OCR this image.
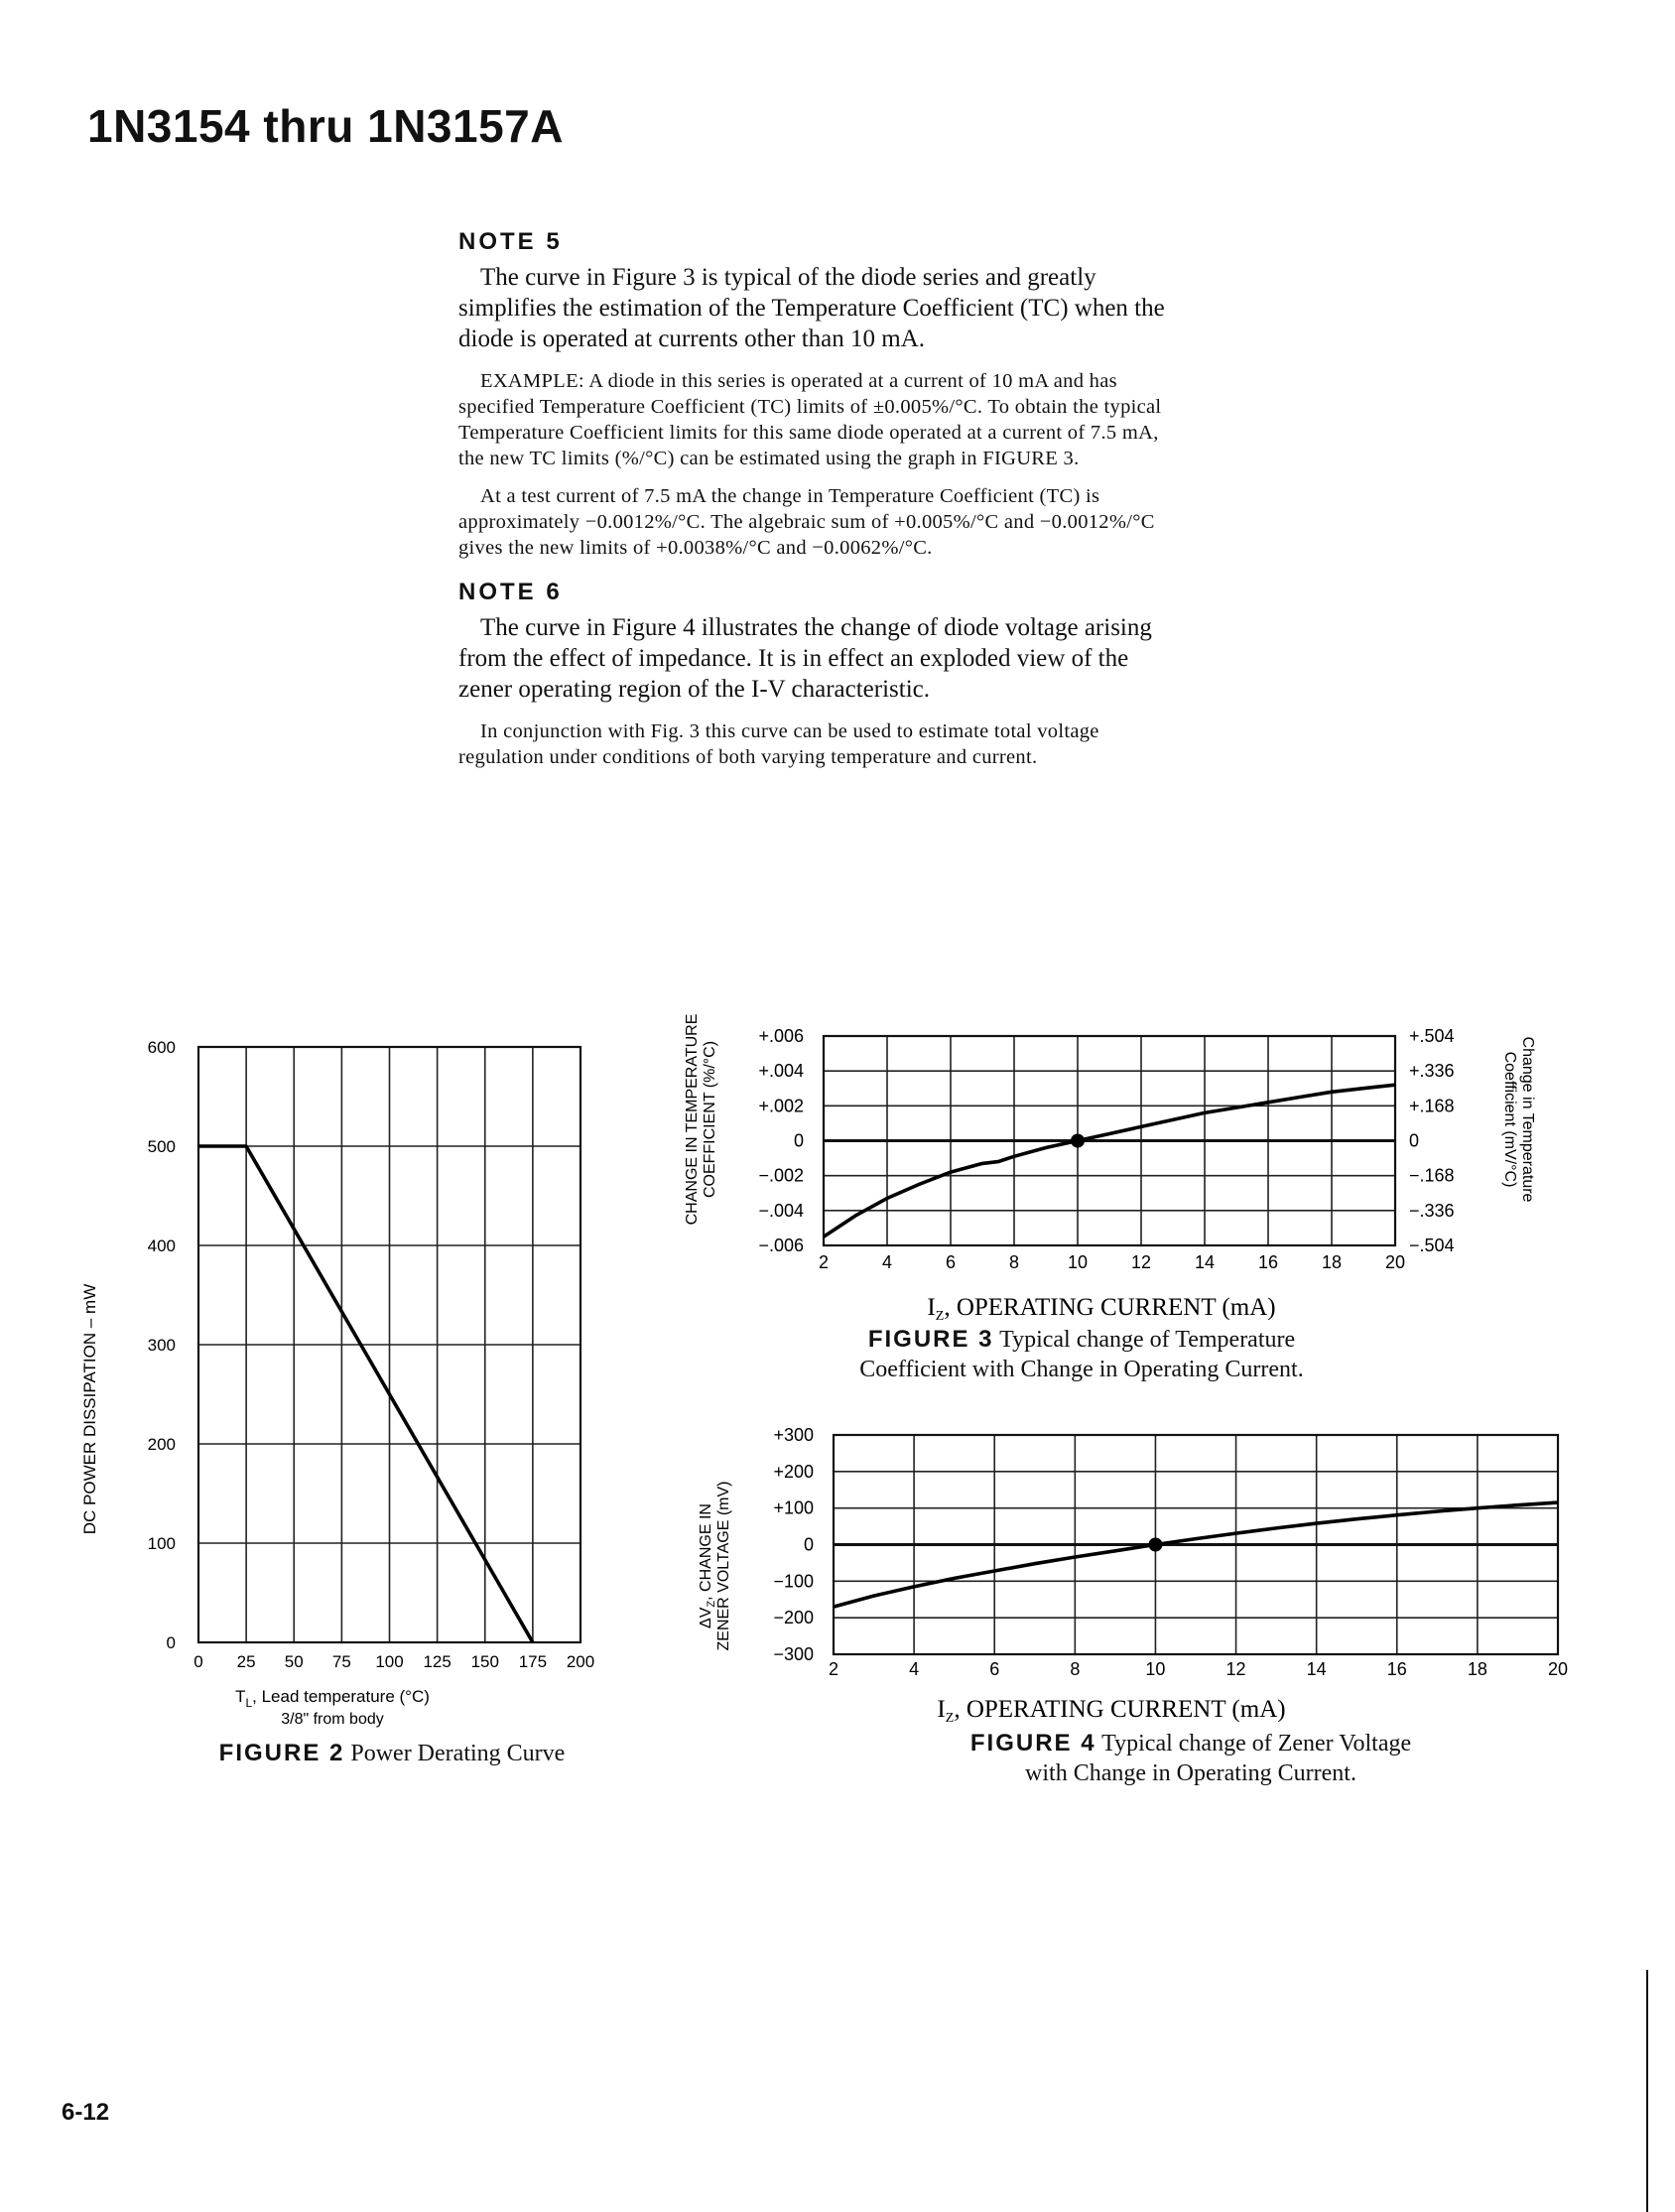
1N3154 thru 1N3157A
NOTE 5

The curve in Figure 3 is typical of the diode series and greatly simplifies the estimation of the Temperature Coefficient (TC) when the diode is operated at currents other than 10 mA.

EXAMPLE: A diode in this series is operated at a current of 10 mA and has specified Temperature Coefficient (TC) limits of ±0.005%/°C. To obtain the typical Temperature Coefficient limits for this same diode operated at a current of 7.5 mA, the new TC limits (%/°C) can be estimated using the graph in FIGURE 3.

At a test current of 7.5 mA the change in Temperature Coefficient (TC) is approximately −0.0012%/°C. The algebraic sum of +0.005%/°C and −0.0012%/°C gives the new limits of +0.0038%/°C and −0.0062%/°C.

NOTE 6

The curve in Figure 4 illustrates the change of diode voltage arising from the effect of impedance. It is in effect an exploded view of the zener operating region of the I-V characteristic.

In conjunction with Fig. 3 this curve can be used to estimate total voltage regulation under conditions of both varying temperature and current.

0 25 50 75 100 125 150 175 200
0
100
200
300
400
500
600
DC POWER DISSIPATION – mW
$T_L$, Lead temperature (°C)
3/8" from body
FIGURE 2 Power Derating Curve
2	4	6	8	10 12 14 16 18 20
+.006
+.004
+.002
0
−.002
−.004
−.006
+.504
+.336
+.168
0
−.168
−.336
−.504
CHANGE IN TEMPERATURE COEFFICIENT (%/°C)	Change in Temperature
Coefficient (mV/°C)
$I_Z$, OPERATING CURRENT (mA)
FIGURE 3 Typical change of Temperature
Coefficient with Change in Operating Current.
2	4	6	8	10	12	14	16	18	20
+300
+200
+100
0
−100
−200
−300
$\Delta V_Z$, CHANGE IN ZENER VOLTAGE (mV)
$I_Z$, OPERATING CURRENT (mA)
FIGURE 4 Typical change of Zener Voltage
with Change in Operating Current.
6-12
